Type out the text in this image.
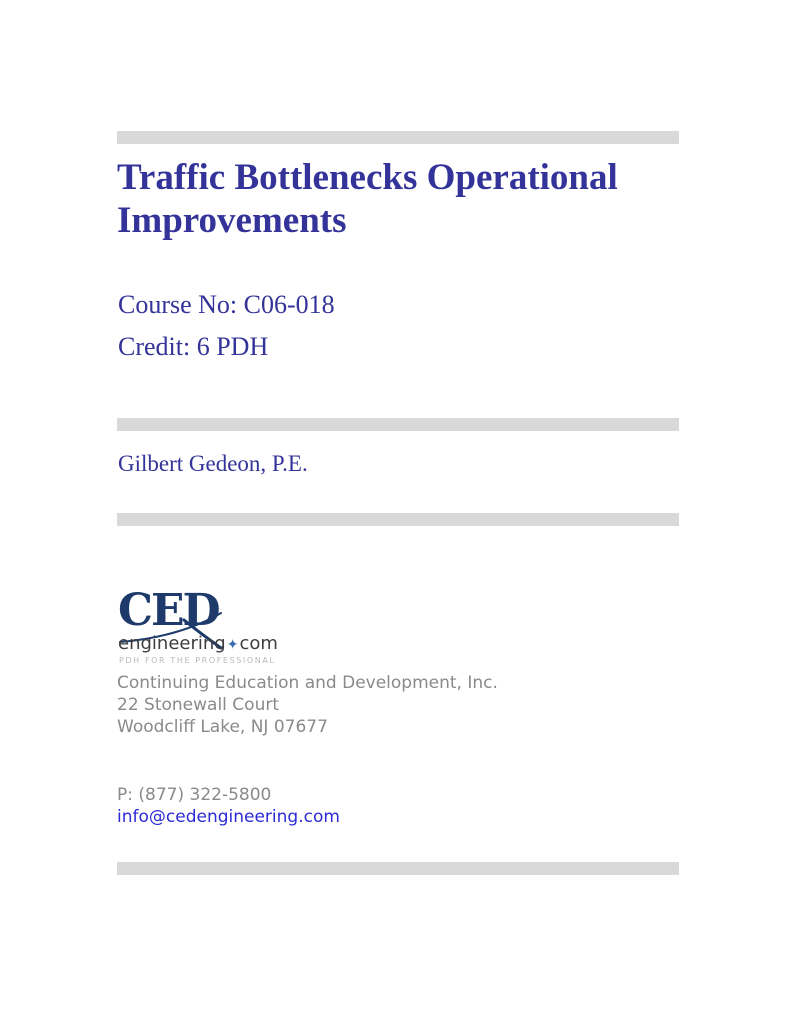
Traffic Bottlenecks Operational
Improvements
Course No: C06-018
Credit: 6 PDH
Gilbert Gedeon, P.E.
CED
engineering✦com
PDH FOR THE PROFESSIONAL
Continuing Education and Development, Inc.
22 Stonewall Court
Woodcliff Lake, NJ 07677
P: (877) 322-5800
info@cedengineering.com
